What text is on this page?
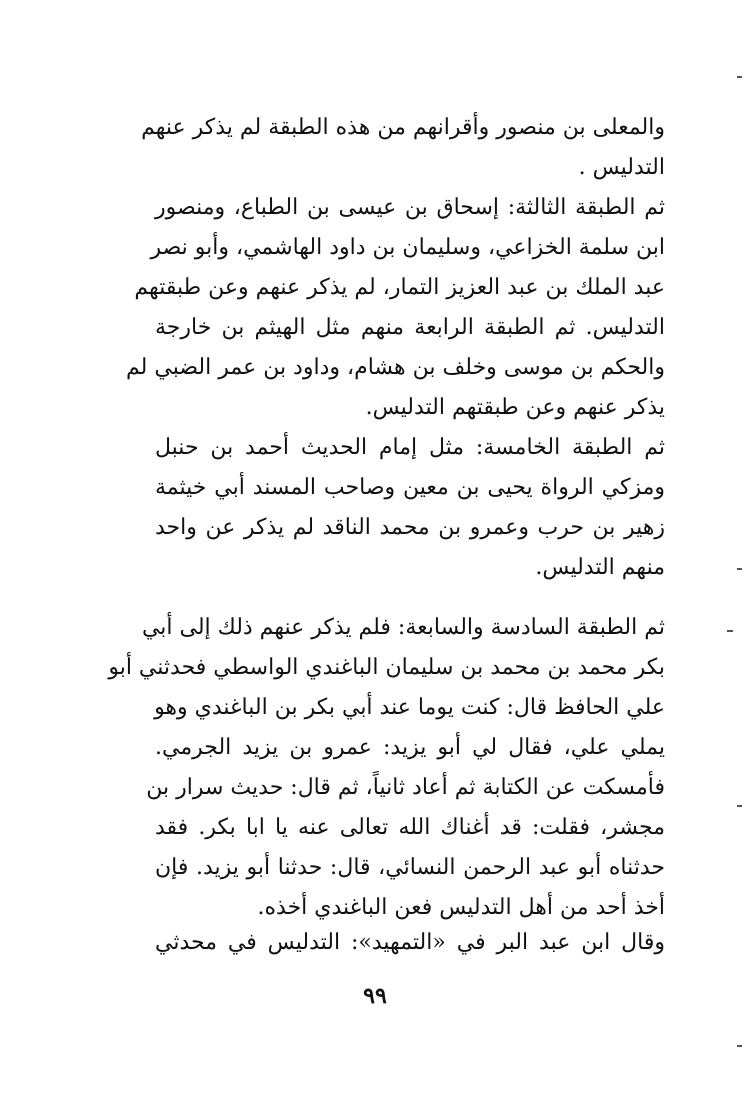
والمعلى بن منصور وأقرانهم من هذه الطبقة لم يذكر عنهم
التدليس .

ثم الطبقة الثالثة: إسحاق بن عيسى بن الطباع، ومنصور
ابن سلمة الخزاعي، وسليمان بن داود الهاشمي، وأبو نصر
عبد الملك بن عبد العزيز التمار، لم يذكر عنهم وعن طبقتهم
التدليس. ثم الطبقة الرابعة منهم مثل الهيثم بن خارجة
والحكم بن موسى وخلف بن هشام، وداود بن عمر الضبي لم
يذكر عنهم وعن طبقتهم التدليس.

ثم الطبقة الخامسة: مثل إمام الحديث أحمد بن حنبل
ومزكي الرواة يحيى بن معين وصاحب المسند أبي خيثمة
زهير بن حرب وعمرو بن محمد الناقد لم يذكر عن واحد
منهم التدليس.

ثم الطبقة السادسة والسابعة: فلم يذكر عنهم ذلك إلى أبي
بكر محمد بن محمد بن سليمان الباغندي الواسطي فحدثني أبو
علي الحافظ قال: كنت يوما عند أبي بكر بن الباغندي وهو
يملي علي، فقال لي أبو يزيد: عمرو بن يزيد الجرمي.
فأمسكت عن الكتابة ثم أعاد ثانياً، ثم قال: حديث سرار بن
مجشر، فقلت: قد أغناك الله تعالى عنه يا ابا بكر. فقد
حدثناه أبو عبد الرحمن النسائي، قال: حدثنا أبو يزيد. فإن
أخذ أحد من أهل التدليس فعن الباغندي أخذه.

وقال ابن عبد البر في «التمهيد»: التدليس في محدثي

٩٩
